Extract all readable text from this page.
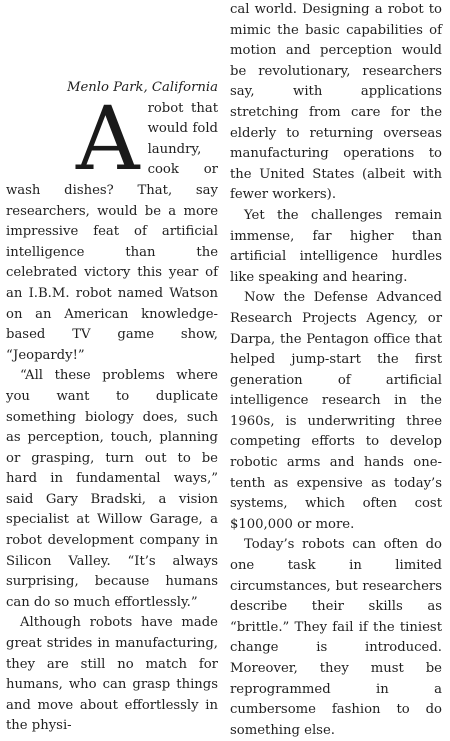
Menlo Park, California

Arobot that would fold laundry, cook or wash dishes? That, say researchers, would be a more impressive feat of artificial intelligence than the celebrated victory this year of an I.B.M. robot named Watson on an American knowledge-based TV game show, “Jeopardy!”

“All these problems where you want to duplicate something biology does, such as perception, touch, planning or grasping, turn out to be hard in fundamental ways,” said Gary Bradski, a vision specialist at Willow Garage, a robot development company in Silicon Valley. “It’s always surprising, because humans can do so much effortlessly.”

Although robots have made great strides in manufacturing, they are still no match for humans, who can grasp things and move about effortlessly in the physi-

cal world. Designing a robot to mimic the basic capabilities of motion and perception would be revolutionary, researchers say, with applications stretching from care for the elderly to returning overseas manufacturing operations to the United States (albeit with fewer workers).

Yet the challenges remain immense, far higher than artificial intelligence hurdles like speaking and hearing.

Now the Defense Advanced Research Projects Agency, or Darpa, the Pentagon office that helped jump-start the first generation of artificial intelligence research in the 1960s, is underwriting three competing efforts to develop robotic arms and hands one-tenth as expensive as today’s systems, which often cost $100,000 or more.

Today’s robots can often do one task in limited circumstances, but researchers describe their skills as “brittle.” They fail if the tiniest change is introduced. Moreover, they must be reprogrammed in a cumbersome fashion to do something else.
